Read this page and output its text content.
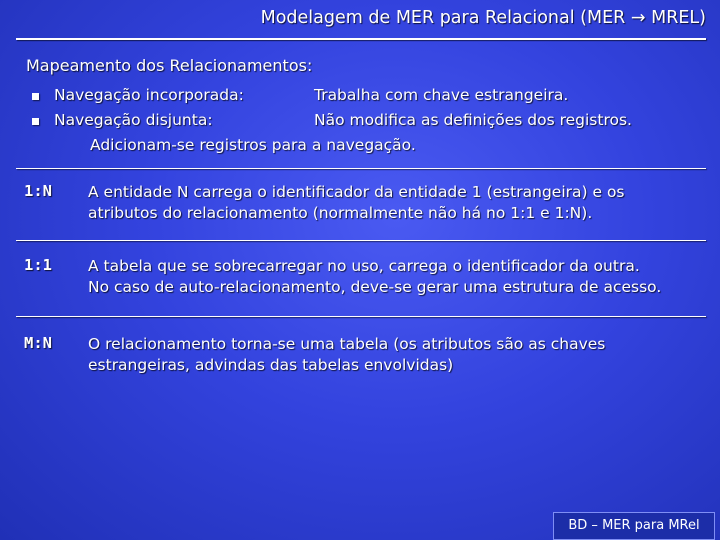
Modelagem de MER para Relacional (MER → MREL)
Mapeamento dos Relacionamentos:
Navegação incorporada:	Trabalha com chave estrangeira.
Navegação disjunta:	Não modifica as definições dos registros.
Adicionam-se registros para a navegação.
1:N	A entidade N carrega o identificador da entidade 1 (estrangeira) e os
atributos do relacionamento (normalmente não há no 1:1 e 1:N).
1:1	A tabela que se sobrecarregar no uso, carrega o identificador da outra.
No caso de auto-relacionamento, deve-se gerar uma estrutura de acesso.
M:N	O relacionamento torna-se uma tabela (os atributos são as chaves
estrangeiras, advindas das tabelas envolvidas)
BD – MER para MRel
